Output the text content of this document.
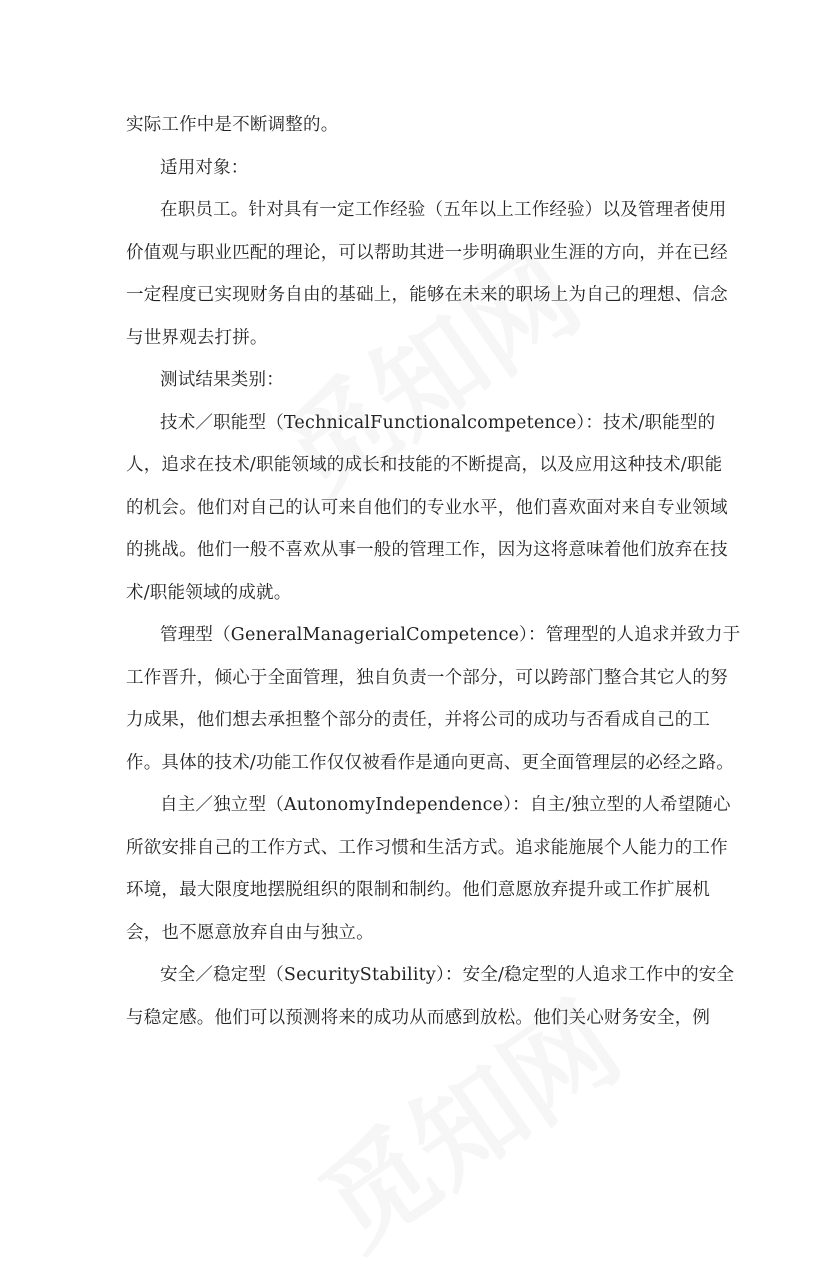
实际工作中是不断调整的。
适用对象：
在职员工。针对具有一定工作经验（五年以上工作经验）以及管理者使用
价值观与职业匹配的理论，可以帮助其进一步明确职业生涯的方向，并在已经
一定程度已实现财务自由的基础上，能够在未来的职场上为自己的理想、信念
与世界观去打拼。
测试结果类别：
技术／职能型（TechnicalFunctionalcompetence）：技术/职能型的
人，追求在技术/职能领域的成长和技能的不断提高，以及应用这种技术/职能
的机会。他们对自己的认可来自他们的专业水平，他们喜欢面对来自专业领域
的挑战。他们一般不喜欢从事一般的管理工作，因为这将意味着他们放弃在技
术/职能领域的成就。
管理型（GeneralManagerialCompetence）：管理型的人追求并致力于
工作晋升，倾心于全面管理，独自负责一个部分，可以跨部门整合其它人的努
力成果，他们想去承担整个部分的责任，并将公司的成功与否看成自己的工
作。具体的技术/功能工作仅仅被看作是通向更高、更全面管理层的必经之路。
自主／独立型（AutonomyIndependence）：自主/独立型的人希望随心
所欲安排自己的工作方式、工作习惯和生活方式。追求能施展个人能力的工作
环境，最大限度地摆脱组织的限制和制约。他们意愿放弃提升或工作扩展机
会，也不愿意放弃自由与独立。
安全／稳定型（SecurityStability）：安全/稳定型的人追求工作中的安全
与稳定感。他们可以预测将来的成功从而感到放松。他们关心财务安全，例
